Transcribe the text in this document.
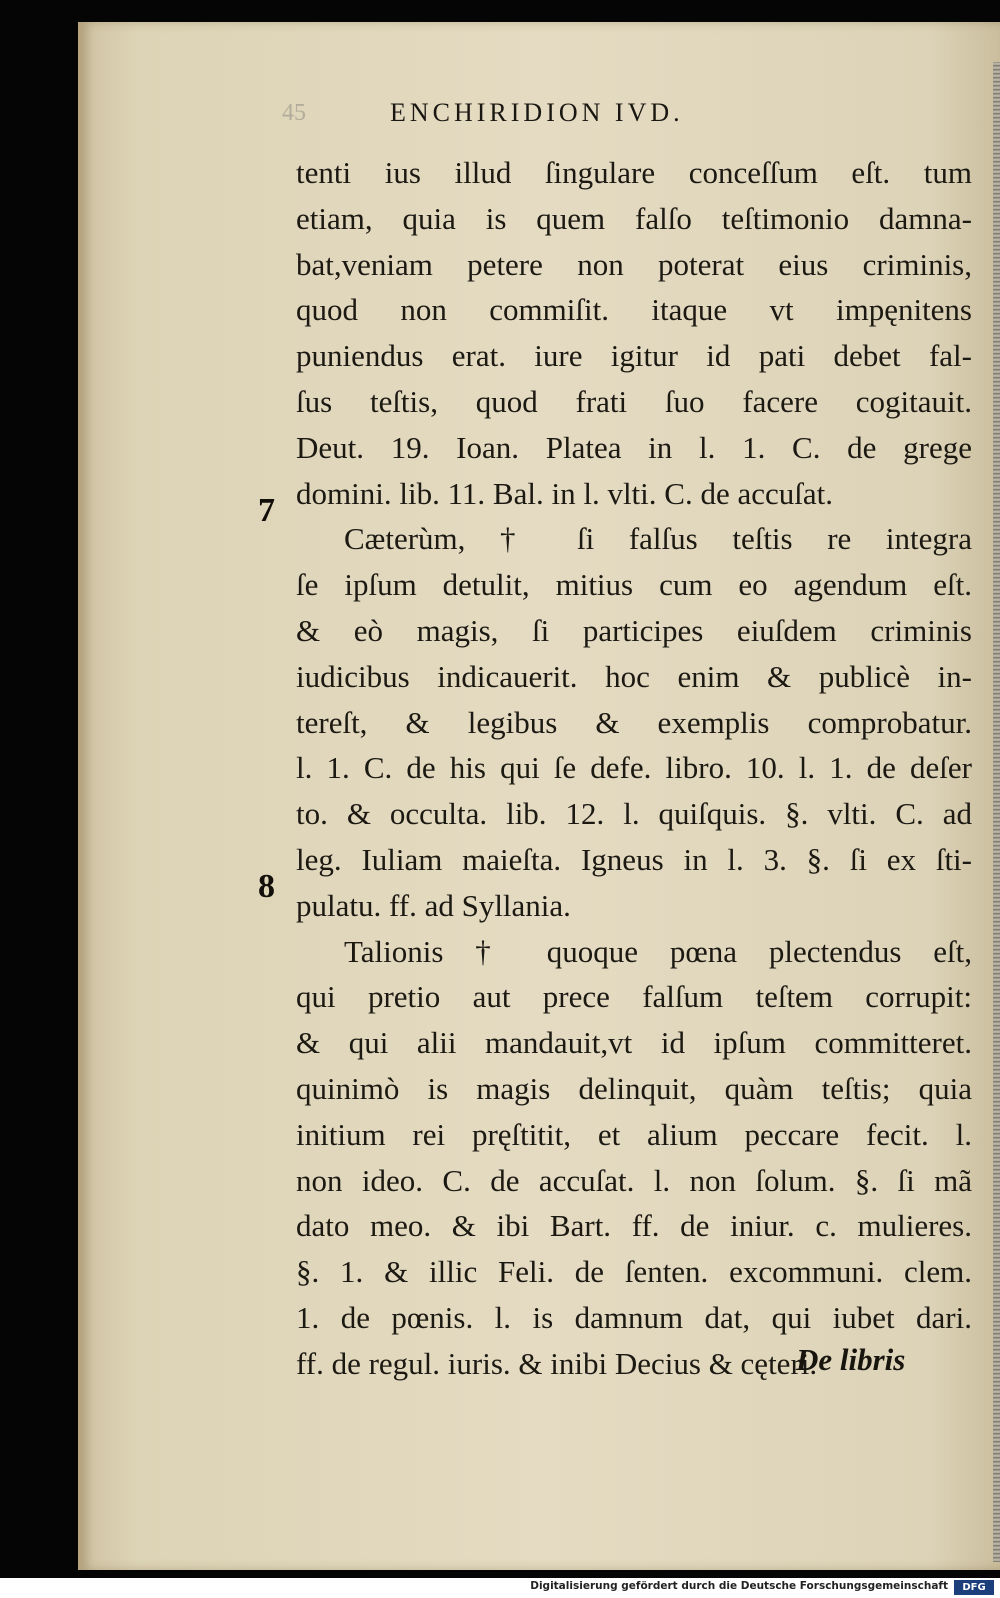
45	ENCHIRIDION IVD.
7
8
tenti ius illud ſingulare conceſſum eſt. tum
etiam, quia is quem falſo teſtimonio damna-
bat,veniam petere non poterat eius criminis,
quod non commiſit. itaque vt impęnitens
puniendus erat. iure igitur id pati debet fal-
ſus teſtis, quod frati ſuo facere cogitauit.
Deut. 19. Ioan. Platea in l. 1. C. de grege
domini. lib. 11. Bal. in l. vlti. C. de accuſat.
Cæterùm, † ſi falſus teſtis re integra
ſe ipſum detulit, mitius cum eo agendum eſt.
& eò magis, ſi participes eiuſdem criminis
iudicibus indicauerit. hoc enim & publicè in-
tereſt, & legibus & exemplis comprobatur.
l. 1. C. de his qui ſe defe. libro. 10. l. 1. de deſer
to. & occulta. lib. 12. l. quiſquis. §. vlti. C. ad
leg. Iuliam maieſta. Igneus in l. 3. §. ſi ex ſti-
pulatu. ff. ad Syllania.
Talionis † quoque pœna plectendus eſt,
qui pretio aut prece falſum teſtem corrupit:
& qui alii mandauit,vt id ipſum committeret.
quinimò is magis delinquit, quàm teſtis; quia
initium rei pręſtitit, et alium peccare fecit. l.
non ideo. C. de accuſat. l. non ſolum. §. ſi mã
dato meo. & ibi Bart. ff. de iniur. c. mulieres.
§. 1. & illic Feli. de ſenten. excommuni. clem.
1. de pœnis. l. is damnum dat, qui iubet dari.
ff. de regul. iuris. & inibi Decius & cęteri.
De libris
Digitalisierung gefördert durch die Deutsche Forschungsgemeinschaft	DFG
